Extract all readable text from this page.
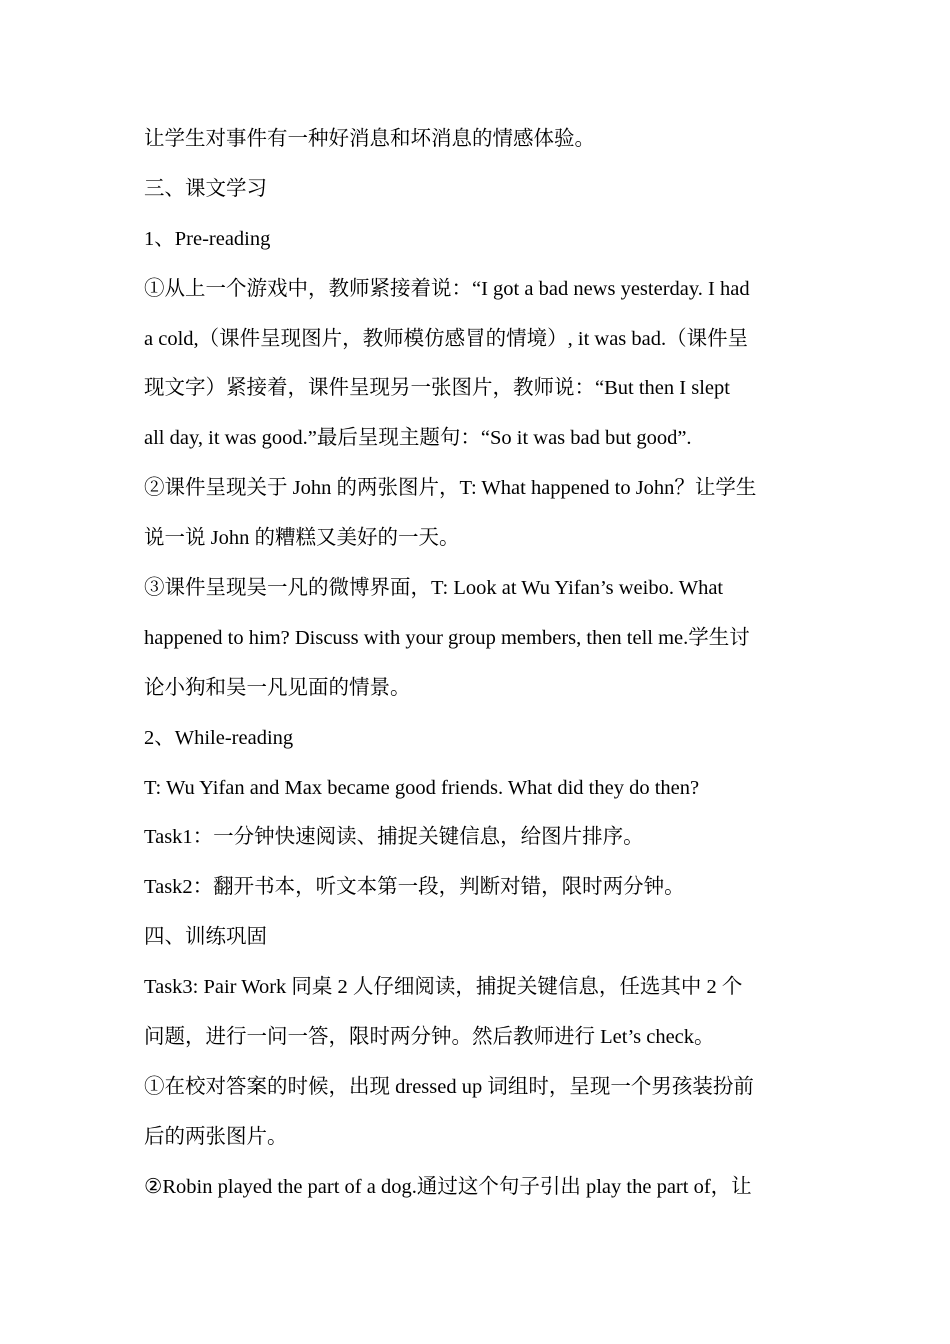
让学生对事件有一种好消息和坏消息的情感体验。
三、课文学习
1、Pre-reading
①从上一个游戏中，教师紧接着说：“I got a bad news yesterday. I had
a cold,（课件呈现图片，教师模仿感冒的情境）, it was bad.（课件呈
现文字）紧接着，课件呈现另一张图片，教师说：“But then I slept
all day, it was good.”最后呈现主题句：“So it was bad but good”.
②课件呈现关于 John 的两张图片，T: What happened to John？让学生
说一说 John 的糟糕又美好的一天。
③课件呈现吴一凡的微博界面，T: Look at Wu Yifan’s weibo. What
happened to him? Discuss with your group members, then tell me.学生讨
论小狗和吴一凡见面的情景。
2、While-reading
T: Wu Yifan and Max became good friends. What did they do then?
Task1：一分钟快速阅读、捕捉关键信息，给图片排序。
Task2：翻开书本，听文本第一段，判断对错，限时两分钟。
四、训练巩固
Task3: Pair Work 同桌 2 人仔细阅读，捕捉关键信息，任选其中 2 个
问题，进行一问一答，限时两分钟。然后教师进行 Let’s check。
①在校对答案的时候，出现 dressed up 词组时，呈现一个男孩装扮前
后的两张图片。
②Robin played the part of a dog.通过这个句子引出 play the part of，让
